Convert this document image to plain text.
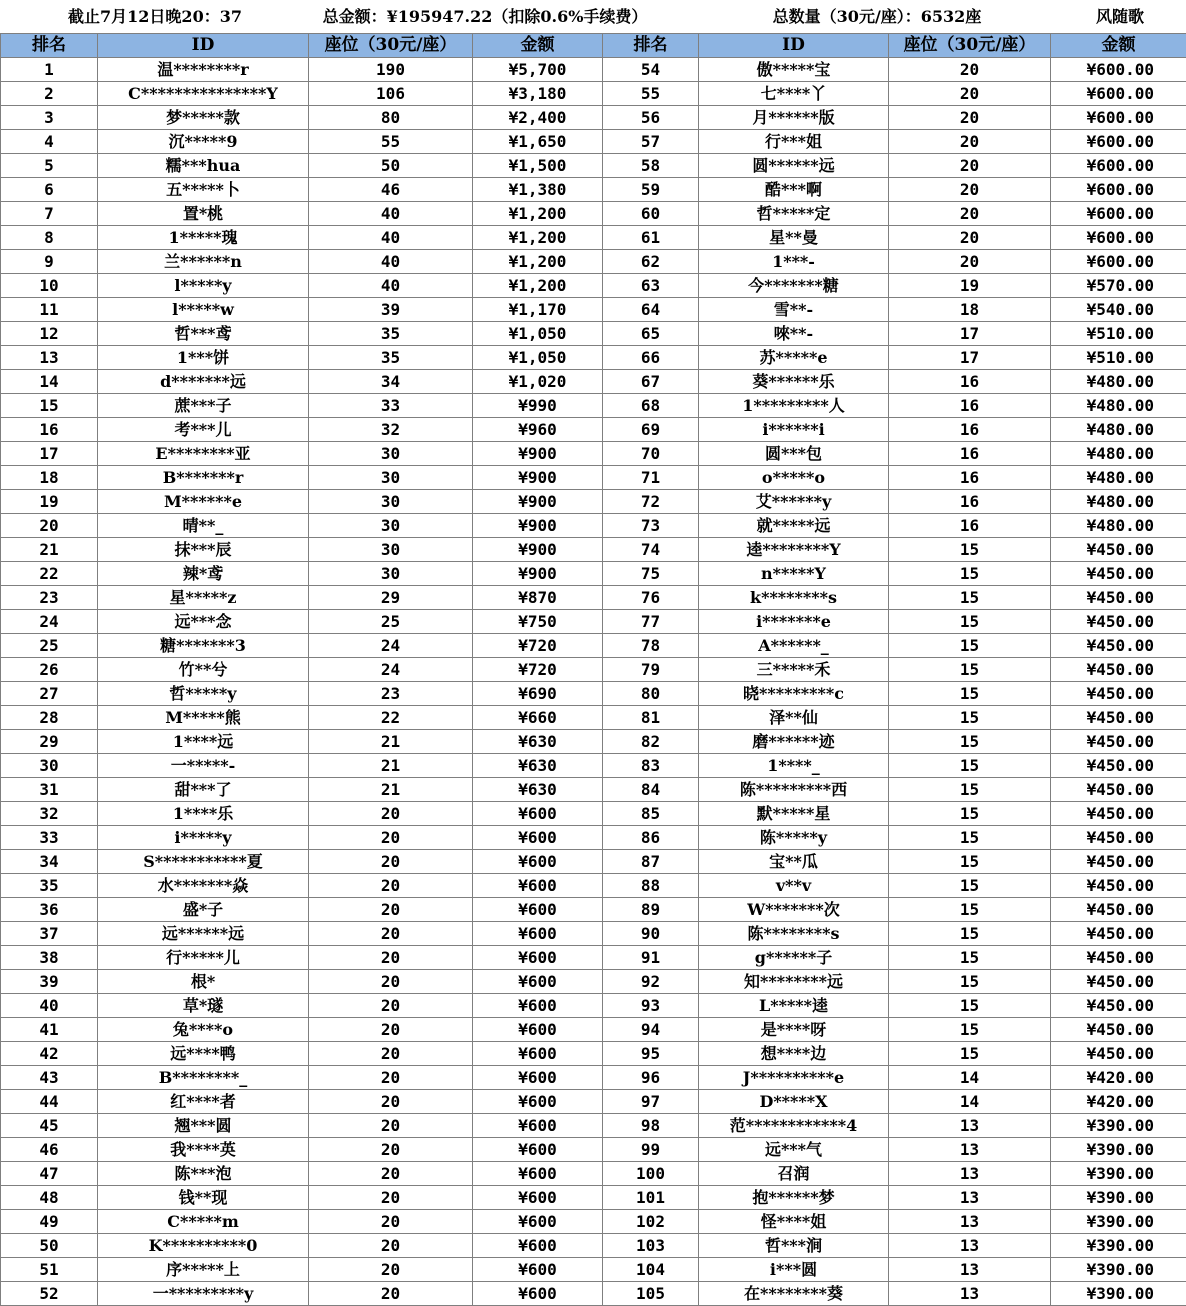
截止7月12日晚20：37	总金额：¥195947.22（扣除0.6%手续费）	总数量（30元/座）：6532座	风随歌
排名	ID	座位（30元/座）	金额	排名	ID	座位（30元/座）	金额
1	温********r	190	¥5,700	54	傲*****宝	20	¥600.00
2	C***************Y	106	¥3,180	55	七****丫	20	¥600.00
3	梦*****款	80	¥2,400	56	月******版	20	¥600.00
4	沉*****9	55	¥1,650	57	行***姐	20	¥600.00
5	糯***hua	50	¥1,500	58	圆******远	20	¥600.00
6	五*****卜	46	¥1,380	59	酷***啊	20	¥600.00
7	置*桃	40	¥1,200	60	哲*****定	20	¥600.00
8	1*****瑰	40	¥1,200	61	星**曼	20	¥600.00
9	兰******n	40	¥1,200	62	1***-	20	¥600.00
10	l*****y	40	¥1,200	63	今*******糖	19	¥570.00
11	l*****w	39	¥1,170	64	雪**-	18	¥540.00
12	哲***鸢	35	¥1,050	65	唻**-	17	¥510.00
13	1***饼	35	¥1,050	66	苏*****e	17	¥510.00
14	d*******远	34	¥1,020	67	葵******乐	16	¥480.00
15	蔗***子	33	¥990	68	1*********人	16	¥480.00
16	考***儿	32	¥960	69	i******i	16	¥480.00
17	E********亚	30	¥900	70	圆***包	16	¥480.00
18	B*******r	30	¥900	71	o*****o	16	¥480.00
19	M******e	30	¥900	72	艾******y	16	¥480.00
20	晴**_	30	¥900	73	就*****远	16	¥480.00
21	抹***辰	30	¥900	74	逵********Y	15	¥450.00
22	辣*鸢	30	¥900	75	n*****Y	15	¥450.00
23	星*****z	29	¥870	76	k********s	15	¥450.00
24	远***念	25	¥750	77	i*******e	15	¥450.00
25	糖*******3	24	¥720	78	A******_	15	¥450.00
26	竹**兮	24	¥720	79	三*****禾	15	¥450.00
27	哲*****y	23	¥690	80	晓*********c	15	¥450.00
28	M*****熊	22	¥660	81	泽**仙	15	¥450.00
29	1****远	21	¥630	82	磨******迹	15	¥450.00
30	一*****-	21	¥630	83	1****_	15	¥450.00
31	甜***了	21	¥630	84	陈*********西	15	¥450.00
32	1****乐	20	¥600	85	默*****星	15	¥450.00
33	i*****y	20	¥600	86	陈*****y	15	¥450.00
34	S***********夏	20	¥600	87	宝**瓜	15	¥450.00
35	水*******焱	20	¥600	88	v**v	15	¥450.00
36	盛*子	20	¥600	89	W*******次	15	¥450.00
37	远******远	20	¥600	90	陈********s	15	¥450.00
38	行*****儿	20	¥600	91	g******子	15	¥450.00
39	根*	20	¥600	92	知********远	15	¥450.00
40	草*璲	20	¥600	93	L*****逵	15	¥450.00
41	兔****o	20	¥600	94	是****呀	15	¥450.00
42	远****鸭	20	¥600	95	想****边	15	¥450.00
43	B********_	20	¥600	96	J**********e	14	¥420.00
44	红****者	20	¥600	97	D*****X	14	¥420.00
45	翘***圆	20	¥600	98	范************4	13	¥390.00
46	我****英	20	¥600	99	远***气	13	¥390.00
47	陈***泡	20	¥600	100	召润	13	¥390.00
48	钱**现	20	¥600	101	抱******梦	13	¥390.00
49	C*****m	20	¥600	102	怪****姐	13	¥390.00
50	K**********0	20	¥600	103	哲***涧	13	¥390.00
51	序*****上	20	¥600	104	i***圆	13	¥390.00
52	一*********y	20	¥600	105	在********葵	13	¥390.00
